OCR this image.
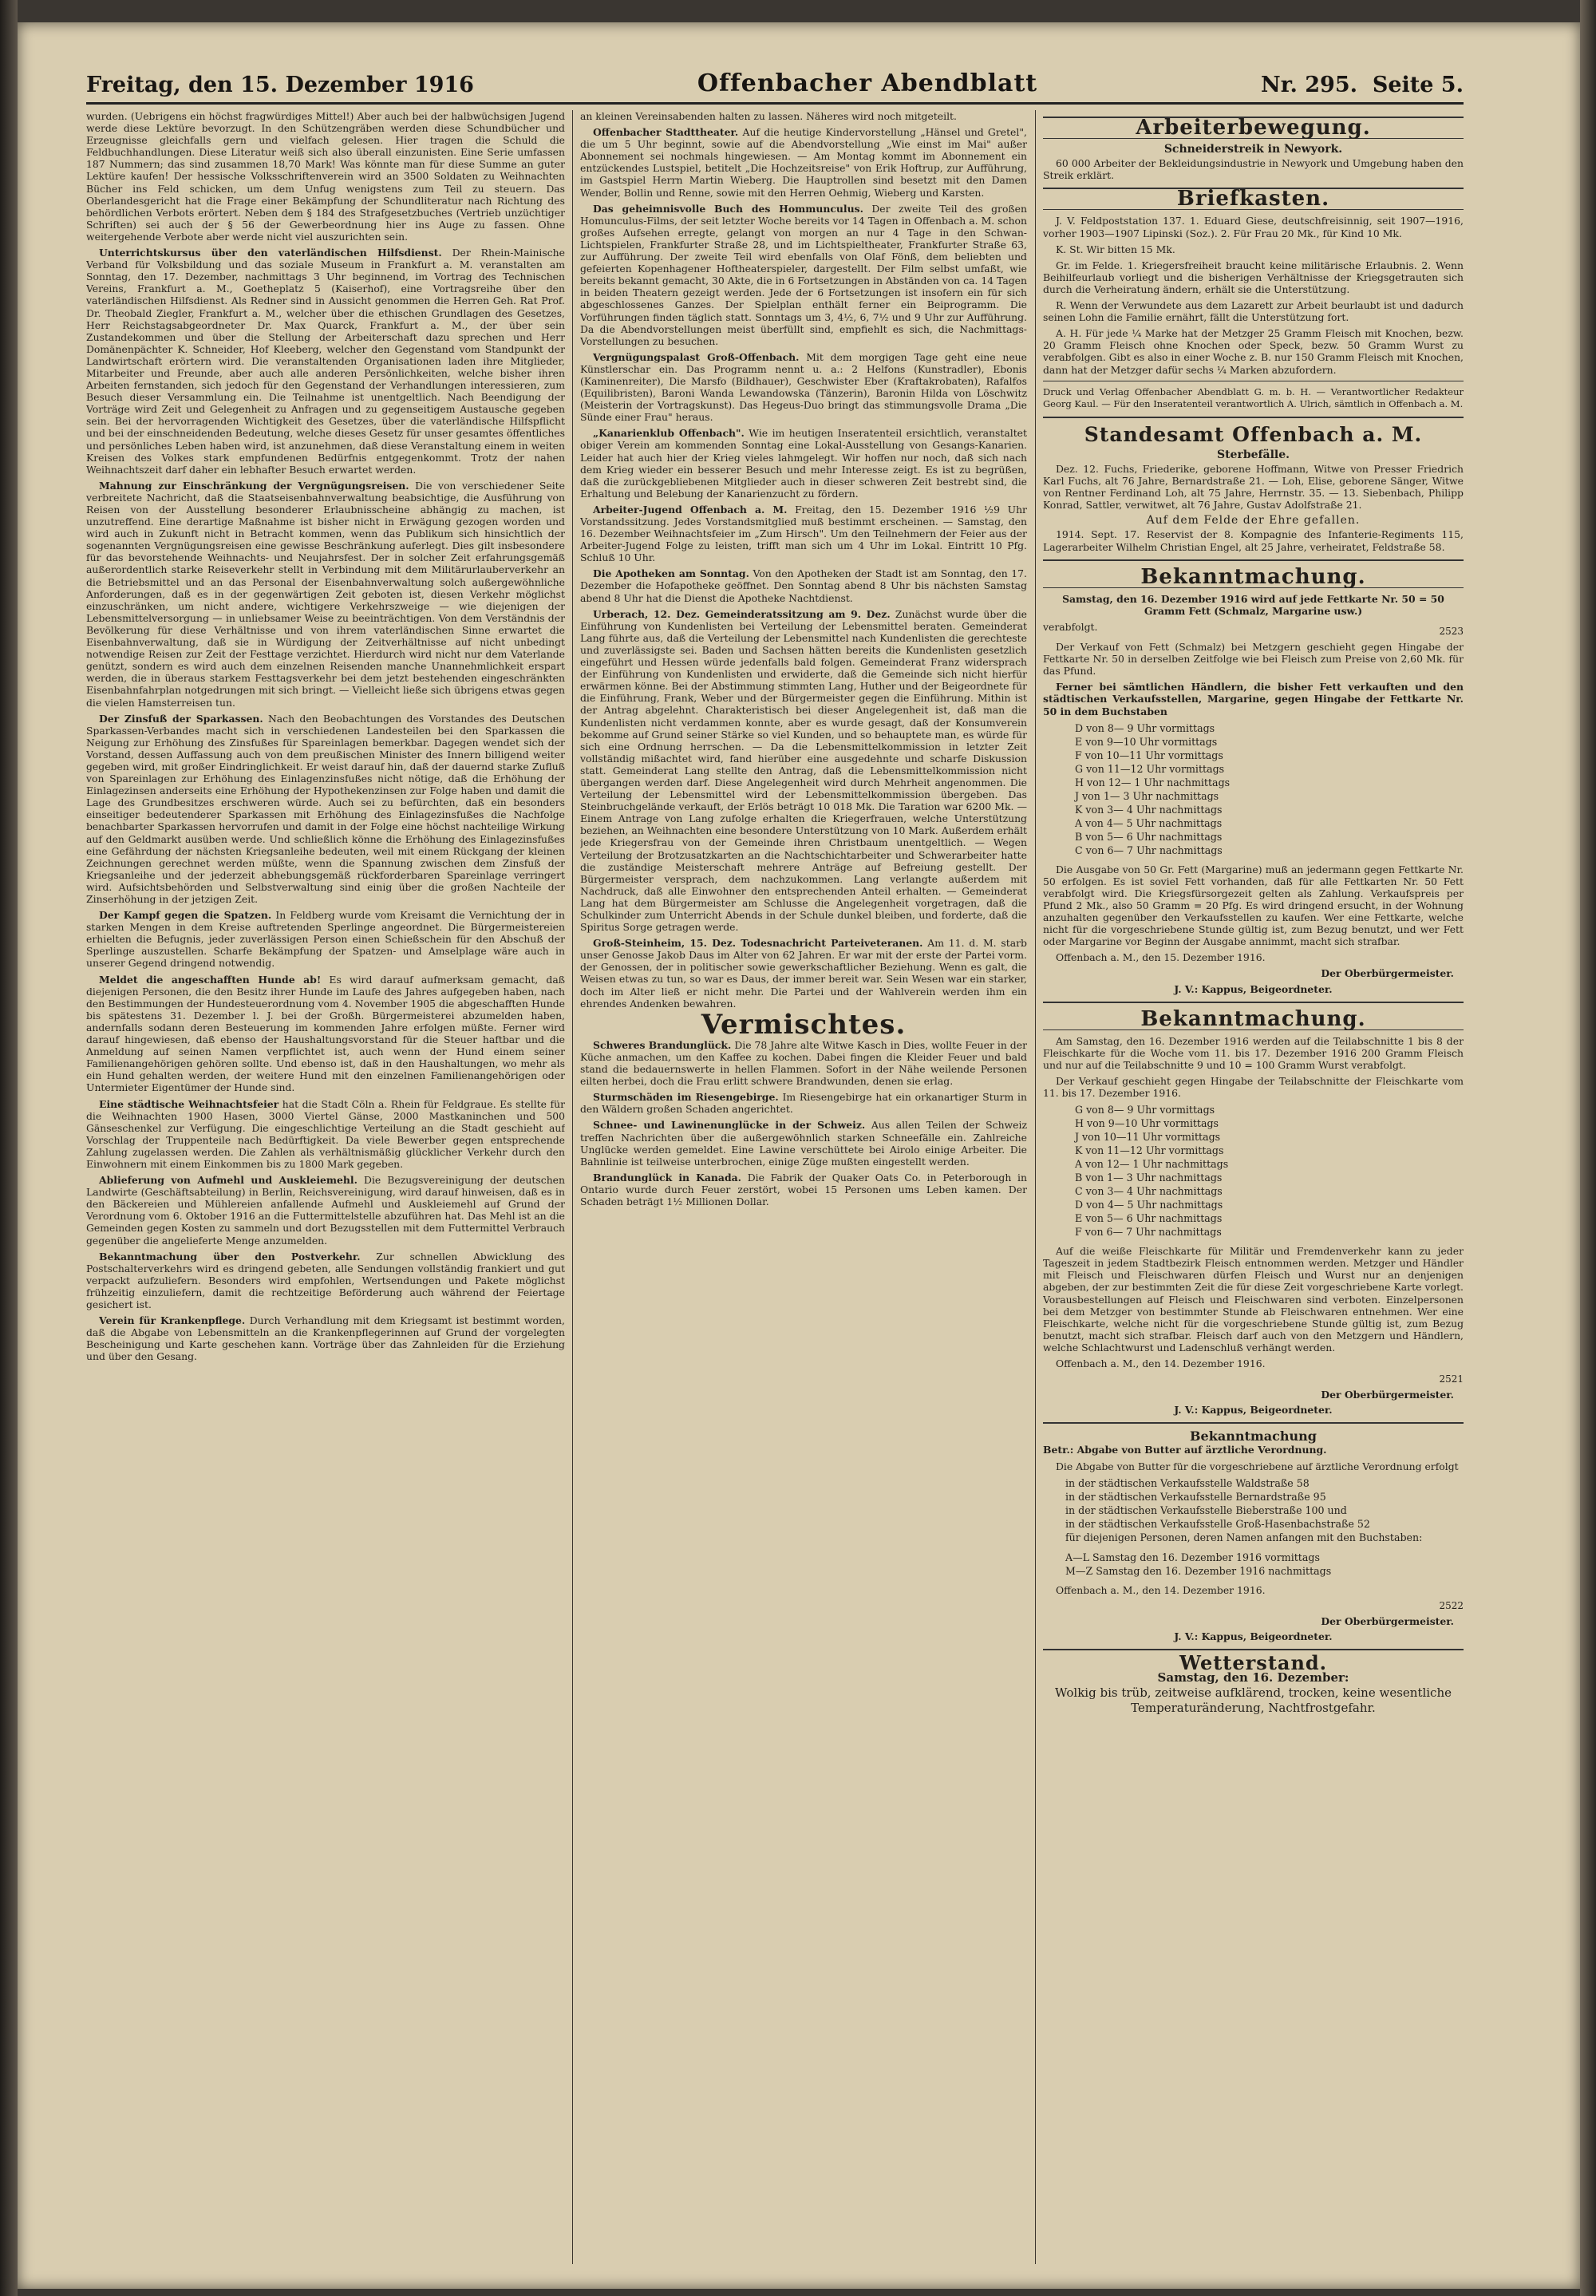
Freitag, den 15. Dezember 1916	Offenbacher Abendblatt	Nr. 295. Seite 5.

wurden. (Uebrigens ein höchst fragwürdiges Mittel!) Aber auch bei der halbwüchsigen Jugend werde diese Lektüre bevorzugt. In den Schützengräben werden diese Schundbücher und Erzeugnisse gleichfalls gern und vielfach gelesen. Hier tragen die Schuld die Feldbuchhandlungen. Diese Literatur weiß sich also überall einzunisten. Eine Serie umfassen 187 Nummern; das sind zusammen 18,70 Mark! Was könnte man für diese Summe an guter Lektüre kaufen! Der hessische Volksschriftenverein wird an 3500 Soldaten zu Weihnachten Bücher ins Feld schicken, um dem Unfug wenigstens zum Teil zu steuern. Das Oberlandesgericht hat die Frage einer Bekämpfung der Schundliteratur nach Richtung des behördlichen Verbots erörtert. Neben dem § 184 des Strafgesetzbuches (Vertrieb unzüchtiger Schriften) sei auch der § 56 der Gewerbeordnung hier ins Auge zu fassen. Ohne weitergehende Verbote aber werde nicht viel auszurichten sein.

Unterrichtskursus über den vaterländischen Hilfsdienst. Der Rhein-Mainische Verband für Volksbildung und das soziale Museum in Frankfurt a. M. veranstalten am Sonntag, den 17. Dezember, nachmittags 3 Uhr beginnend, im Vortrag des Technischen Vereins, Frankfurt a. M., Goetheplatz 5 (Kaiserhof), eine Vortragsreihe über den vaterländischen Hilfsdienst. Als Redner sind in Aussicht genommen die Herren Geh. Rat Prof. Dr. Theobald Ziegler, Frankfurt a. M., welcher über die ethischen Grundlagen des Gesetzes, Herr Reichstagsabgeordneter Dr. Max Quarck, Frankfurt a. M., der über sein Zustandekommen und über die Stellung der Arbeiterschaft dazu sprechen und Herr Domänenpächter K. Schneider, Hof Kleeberg, welcher den Gegenstand vom Standpunkt der Landwirtschaft erörtern wird. Die veranstaltenden Organisationen laden ihre Mitglieder, Mitarbeiter und Freunde, aber auch alle anderen Persönlichkeiten, welche bisher ihren Arbeiten fernstanden, sich jedoch für den Gegenstand der Verhandlungen interessieren, zum Besuch dieser Versammlung ein. Die Teilnahme ist unentgeltlich. Nach Beendigung der Vorträge wird Zeit und Gelegenheit zu Anfragen und zu gegenseitigem Austausche gegeben sein. Bei der hervorragenden Wichtigkeit des Gesetzes, über die vaterländische Hilfspflicht und bei der einschneidenden Bedeutung, welche dieses Gesetz für unser gesamtes öffentliches und persönliches Leben haben wird, ist anzunehmen, daß diese Veranstaltung einem in weiten Kreisen des Volkes stark empfundenen Bedürfnis entgegenkommt. Trotz der nahen Weihnachtszeit darf daher ein lebhafter Besuch erwartet werden.

Mahnung zur Einschränkung der Vergnügungsreisen. Die von verschiedener Seite verbreitete Nachricht, daß die Staatseisenbahnverwaltung beabsichtige, die Ausführung von Reisen von der Ausstellung besonderer Erlaubnisscheine abhängig zu machen, ist unzutreffend. Eine derartige Maßnahme ist bisher nicht in Erwägung gezogen worden und wird auch in Zukunft nicht in Betracht kommen, wenn das Publikum sich hinsichtlich der sogenannten Vergnügungsreisen eine gewisse Beschränkung auferlegt. Dies gilt insbesondere für das bevorstehende Weihnachts- und Neujahrsfest. Der in solcher Zeit erfahrungsgemäß außerordentlich starke Reiseverkehr stellt in Verbindung mit dem Militärurlauberverkehr an die Betriebsmittel und an das Personal der Eisenbahnverwaltung solch außergewöhnliche Anforderungen, daß es in der gegenwärtigen Zeit geboten ist, diesen Verkehr möglichst einzuschränken, um nicht andere, wichtigere Verkehrszweige — wie diejenigen der Lebensmittelversorgung — in unliebsamer Weise zu beeinträchtigen. Von dem Verständnis der Bevölkerung für diese Verhältnisse und von ihrem vaterländischen Sinne erwartet die Eisenbahnverwaltung, daß sie in Würdigung der Zeitverhältnisse auf nicht unbedingt notwendige Reisen zur Zeit der Festtage verzichtet. Hierdurch wird nicht nur dem Vaterlande genützt, sondern es wird auch dem einzelnen Reisenden manche Unannehmlichkeit erspart werden, die in überaus starkem Festtagsverkehr bei dem jetzt bestehenden eingeschränkten Eisenbahnfahrplan notgedrungen mit sich bringt. — Vielleicht ließe sich übrigens etwas gegen die vielen Hamsterreisen tun.

Der Zinsfuß der Sparkassen. Nach den Beobachtungen des Vorstandes des Deutschen Sparkassen-Verbandes macht sich in verschiedenen Landesteilen bei den Sparkassen die Neigung zur Erhöhung des Zinsfußes für Spareinlagen bemerkbar. Dagegen wendet sich der Vorstand, dessen Auffassung auch von dem preußischen Minister des Innern billigend weiter gegeben wird, mit großer Eindringlichkeit. Er weist darauf hin, daß der dauernd starke Zufluß von Spareinlagen zur Erhöhung des Einlagenzinsfußes nicht nötige, daß die Erhöhung der Einlagezinsen anderseits eine Erhöhung der Hypothekenzinsen zur Folge haben und damit die Lage des Grundbesitzes erschweren würde. Auch sei zu befürchten, daß ein besonders einseitiger bedeutenderer Sparkassen mit Erhöhung des Einlagezinsfußes die Nachfolge benachbarter Sparkassen hervorrufen und damit in der Folge eine höchst nachteilige Wirkung auf den Geldmarkt ausüben werde. Und schließlich könne die Erhöhung des Einlagezinsfußes eine Gefährdung der nächsten Kriegsanleihe bedeuten, weil mit einem Rückgang der kleinen Zeichnungen gerechnet werden müßte, wenn die Spannung zwischen dem Zinsfuß der Kriegsanleihe und der jederzeit abhebungsgemäß rückforderbaren Spareinlage verringert wird. Aufsichtsbehörden und Selbstverwaltung sind einig über die großen Nachteile der Zinserhöhung in der jetzigen Zeit.

Der Kampf gegen die Spatzen. In Feldberg wurde vom Kreisamt die Vernichtung der in starken Mengen in dem Kreise auftretenden Sperlinge angeordnet. Die Bürgermeistereien erhielten die Befugnis, jeder zuverlässigen Person einen Schießschein für den Abschuß der Sperlinge auszustellen. Scharfe Bekämpfung der Spatzen- und Amselplage wäre auch in unserer Gegend dringend notwendig.

Meldet die angeschafften Hunde ab! Es wird darauf aufmerksam gemacht, daß diejenigen Personen, die den Besitz ihrer Hunde im Laufe des Jahres aufgegeben haben, nach den Bestimmungen der Hundesteuerordnung vom 4. November 1905 die abgeschafften Hunde bis spätestens 31. Dezember l. J. bei der Großh. Bürgermeisterei abzumelden haben, andernfalls sodann deren Besteuerung im kommenden Jahre erfolgen müßte. Ferner wird darauf hingewiesen, daß ebenso der Haushaltungsvorstand für die Steuer haftbar und die Anmeldung auf seinen Namen verpflichtet ist, auch wenn der Hund einem seiner Familienangehörigen gehören sollte. Und ebenso ist, daß in den Haushaltungen, wo mehr als ein Hund gehalten werden, der weitere Hund mit den einzelnen Familienangehörigen oder Untermieter Eigentümer der Hunde sind.

Eine städtische Weihnachtsfeier hat die Stadt Cöln a. Rhein für Feldgraue. Es stellte für die Weihnachten 1900 Hasen, 3000 Viertel Gänse, 2000 Mastkaninchen und 500 Gänseschenkel zur Verfügung. Die eingeschlichtige Verteilung an die Stadt geschieht auf Vorschlag der Truppenteile nach Bedürftigkeit. Da viele Bewerber gegen entsprechende Zahlung zugelassen werden. Die Zahlen als verhältnismäßig glücklicher Verkehr durch den Einwohnern mit einem Einkommen bis zu 1800 Mark gegeben.

Ablieferung von Aufmehl und Auskleiemehl. Die Bezugsvereinigung der deutschen Landwirte (Geschäftsabteilung) in Berlin, Reichsvereinigung, wird darauf hinweisen, daß es in den Bäckereien und Mühlereien anfallende Aufmehl und Auskleiemehl auf Grund der Verordnung vom 6. Oktober 1916 an die Futtermittelstelle abzuführen hat. Das Mehl ist an die Gemeinden gegen Kosten zu sammeln und dort Bezugsstellen mit dem Futtermittel Verbrauch gegenüber die angelieferte Menge anzumelden.

Bekanntmachung über den Postverkehr. Zur schnellen Abwicklung des Postschalterverkehrs wird es dringend gebeten, alle Sendungen vollständig frankiert und gut verpackt aufzuliefern. Besonders wird empfohlen, Wertsendungen und Pakete möglichst frühzeitig einzuliefern, damit die rechtzeitige Beförderung auch während der Feiertage gesichert ist.

Verein für Krankenpflege. Durch Verhandlung mit dem Kriegsamt ist bestimmt worden, daß die Abgabe von Lebensmitteln an die Krankenpflegerinnen auf Grund der vorgelegten Bescheinigung und Karte geschehen kann. Vorträge über das Zahnleiden für die Erziehung und über den Gesang.

an kleinen Vereinsabenden halten zu lassen. Näheres wird noch mitgeteilt.

Offenbacher Stadttheater. Auf die heutige Kindervorstellung „Hänsel und Gretel", die um 5 Uhr beginnt, sowie auf die Abendvorstellung „Wie einst im Mai" außer Abonnement sei nochmals hingewiesen. — Am Montag kommt im Abonnement ein entzückendes Lustspiel, betitelt „Die Hochzeitsreise" von Erik Hoftrup, zur Aufführung, im Gastspiel Herrn Martin Wieberg. Die Hauptrollen sind besetzt mit den Damen Wender, Bollin und Renne, sowie mit den Herren Oehmig, Wieberg und Karsten.

Das geheimnisvolle Buch des Hommunculus. Der zweite Teil des großen Homunculus-Films, der seit letzter Woche bereits vor 14 Tagen in Offenbach a. M. schon großes Aufsehen erregte, gelangt von morgen an nur 4 Tage in den Schwan-Lichtspielen, Frankfurter Straße 28, und im Lichtspieltheater, Frankfurter Straße 63, zur Aufführung. Der zweite Teil wird ebenfalls von Olaf Fönß, dem beliebten und gefeierten Kopenhagener Hoftheaterspieler, dargestellt. Der Film selbst umfaßt, wie bereits bekannt gemacht, 30 Akte, die in 6 Fortsetzungen in Abständen von ca. 14 Tagen in beiden Theatern gezeigt werden. Jede der 6 Fortsetzungen ist insofern ein für sich abgeschlossenes Ganzes. Der Spielplan enthält ferner ein Beiprogramm. Die Vorführungen finden täglich statt. Sonntags um 3, 4½, 6, 7½ und 9 Uhr zur Aufführung. Da die Abendvorstellungen meist überfüllt sind, empfiehlt es sich, die Nachmittags-Vorstellungen zu besuchen.

Vergnügungspalast Groß-Offenbach. Mit dem morgigen Tage geht eine neue Künstlerschar ein. Das Programm nennt u. a.: 2 Helfons (Kunstradler), Ebonis (Kaminenreiter), Die Marsfo (Bildhauer), Geschwister Eber (Kraftakrobaten), Rafalfos (Equilibristen), Baroni Wanda Lewandowska (Tänzerin), Baronin Hilda von Löschwitz (Meisterin der Vortragskunst). Das Hegeus-Duo bringt das stimmungsvolle Drama „Die Sünde einer Frau" heraus.

„Kanarienklub Offenbach". Wie im heutigen Inseratenteil ersichtlich, veranstaltet obiger Verein am kommenden Sonntag eine Lokal-Ausstellung von Gesangs-Kanarien. Leider hat auch hier der Krieg vieles lahmgelegt. Wir hoffen nur noch, daß sich nach dem Krieg wieder ein besserer Besuch und mehr Interesse zeigt. Es ist zu begrüßen, daß die zurückgebliebenen Mitglieder auch in dieser schweren Zeit bestrebt sind, die Erhaltung und Belebung der Kanarienzucht zu fördern.

Arbeiter-Jugend Offenbach a. M. Freitag, den 15. Dezember 1916 ½9 Uhr Vorstandssitzung. Jedes Vorstandsmitglied muß bestimmt erscheinen. — Samstag, den 16. Dezember Weihnachtsfeier im „Zum Hirsch". Um den Teilnehmern der Feier aus der Arbeiter-Jugend Folge zu leisten, trifft man sich um 4 Uhr im Lokal. Eintritt 10 Pfg. Schluß 10 Uhr.

Die Apotheken am Sonntag. Von den Apotheken der Stadt ist am Sonntag, den 17. Dezember die Hofapotheke geöffnet. Den Sonntag abend 8 Uhr bis nächsten Samstag abend 8 Uhr hat die Dienst die Apotheke Nachtdienst.

Urberach, 12. Dez. Gemeinderatssitzung am 9. Dez. Zunächst wurde über die Einführung von Kundenlisten bei Verteilung der Lebensmittel beraten. Gemeinderat Lang führte aus, daß die Verteilung der Lebensmittel nach Kundenlisten die gerechteste und zuverlässigste sei. Baden und Sachsen hätten bereits die Kundenlisten gesetzlich eingeführt und Hessen würde jedenfalls bald folgen. Gemeinderat Franz widersprach der Einführung von Kundenlisten und erwiderte, daß die Gemeinde sich nicht hierfür erwärmen könne. Bei der Abstimmung stimmten Lang, Huther und der Beigeordnete für die Einführung, Frank, Weber und der Bürgermeister gegen die Einführung. Mithin ist der Antrag abgelehnt. Charakteristisch bei dieser Angelegenheit ist, daß man die Kundenlisten nicht verdammen konnte, aber es wurde gesagt, daß der Konsumverein bekomme auf Grund seiner Stärke so viel Kunden, und so behauptete man, es würde für sich eine Ordnung herrschen. — Da die Lebensmittelkommission in letzter Zeit vollständig mißachtet wird, fand hierüber eine ausgedehnte und scharfe Diskussion statt. Gemeinderat Lang stellte den Antrag, daß die Lebensmittelkommission nicht übergangen werden darf. Diese Angelegenheit wird durch Mehrheit angenommen. Die Verteilung der Lebensmittel wird der Lebensmittelkommission übergeben. Das Steinbruchgelände verkauft, der Erlös beträgt 10 018 Mk. Die Taration war 6200 Mk. — Einem Antrage von Lang zufolge erhalten die Kriegerfrauen, welche Unterstützung beziehen, an Weihnachten eine besondere Unterstützung von 10 Mark. Außerdem erhält jede Kriegersfrau von der Gemeinde ihren Christbaum unentgeltlich. — Wegen Verteilung der Brotzusatzkarten an die Nachtschichtarbeiter und Schwerarbeiter hatte die zuständige Meisterschaft mehrere Anträge auf Befreiung gestellt. Der Bürgermeister versprach, dem nachzukommen. Lang verlangte außerdem mit Nachdruck, daß alle Einwohner den entsprechenden Anteil erhalten. — Gemeinderat Lang hat dem Bürgermeister am Schlusse die Angelegenheit vorgetragen, daß die Schulkinder zum Unterricht Abends in der Schule dunkel bleiben, und forderte, daß die Spiritus Sorge getragen werde.

Groß-Steinheim, 15. Dez. Todesnachricht Parteiveteranen. Am 11. d. M. starb unser Genosse Jakob Daus im Alter von 62 Jahren. Er war mit der erste der Partei vorm. der Genossen, der in politischer sowie gewerkschaftlicher Beziehung. Wenn es galt, die Weisen etwas zu tun, so war es Daus, der immer bereit war. Sein Wesen war ein starker, doch im Alter ließ er nicht mehr. Die Partei und der Wahlverein werden ihm ein ehrendes Andenken bewahren.

Vermischtes.

Schweres Brandunglück. Die 78 Jahre alte Witwe Kasch in Dies, wollte Feuer in der Küche anmachen, um den Kaffee zu kochen. Dabei fingen die Kleider Feuer und bald stand die bedauernswerte in hellen Flammen. Sofort in der Nähe weilende Personen eilten herbei, doch die Frau erlitt schwere Brandwunden, denen sie erlag.

Sturmschäden im Riesengebirge. Im Riesengebirge hat ein orkanartiger Sturm in den Wäldern großen Schaden angerichtet.

Schnee- und Lawinenunglücke in der Schweiz. Aus allen Teilen der Schweiz treffen Nachrichten über die außergewöhnlich starken Schneefälle ein. Zahlreiche Unglücke werden gemeldet. Eine Lawine verschüttete bei Airolo einige Arbeiter. Die Bahnlinie ist teilweise unterbrochen, einige Züge mußten eingestellt werden.

Brandunglück in Kanada. Die Fabrik der Quaker Oats Co. in Peterborough in Ontario wurde durch Feuer zerstört, wobei 15 Personen ums Leben kamen. Der Schaden beträgt 1½ Millionen Dollar.

Arbeiterbewegung.
Schneiderstreik in Newyork.

60 000 Arbeiter der Bekleidungsindustrie in Newyork und Umgebung haben den Streik erklärt.

Briefkasten.

J. V. Feldpoststation 137. 1. Eduard Giese, deutschfreisinnig, seit 1907—1916, vorher 1903—1907 Lipinski (Soz.). 2. Für Frau 20 Mk., für Kind 10 Mk.

K. St. Wir bitten 15 Mk.

Gr. im Felde. 1. Kriegersfreiheit braucht keine militärische Erlaubnis. 2. Wenn Beihilfeurlaub vorliegt und die bisherigen Verhältnisse der Kriegsgetrauten sich durch die Verheiratung ändern, erhält sie die Unterstützung.

R. Wenn der Verwundete aus dem Lazarett zur Arbeit beurlaubt ist und dadurch seinen Lohn die Familie ernährt, fällt die Unterstützung fort.

A. H. Für jede ¼ Marke hat der Metzger 25 Gramm Fleisch mit Knochen, bezw. 20 Gramm Fleisch ohne Knochen oder Speck, bezw. 50 Gramm Wurst zu verabfolgen. Gibt es also in einer Woche z. B. nur 150 Gramm Fleisch mit Knochen, dann hat der Metzger dafür sechs ¼ Marken abzufordern.

Druck und Verlag Offenbacher Abendblatt G. m. b. H. — Verantwortlicher Redakteur Georg Kaul. — Für den Inseratenteil verantwortlich A. Ulrich, sämtlich in Offenbach a. M.

Standesamt Offenbach a. M.
Sterbefälle.

Dez. 12. Fuchs, Friederike, geborene Hoffmann, Witwe von Presser Friedrich Karl Fuchs, alt 76 Jahre, Bernardstraße 21. — Loh, Elise, geborene Sänger, Witwe von Rentner Ferdinand Loh, alt 75 Jahre, Herrnstr. 35. — 13. Siebenbach, Philipp Konrad, Sattler, verwitwet, alt 76 Jahre, Gustav Adolfstraße 21.

Auf dem Felde der Ehre gefallen.

1914. Sept. 17. Reservist der 8. Kompagnie des Infanterie-Regiments 115, Lagerarbeiter Wilhelm Christian Engel, alt 25 Jahre, verheiratet, Feldstraße 58.

Bekanntmachung.

Samstag, den 16. Dezember 1916 wird auf jede Fettkarte Nr. 50 = 50 Gramm Fett (Schmalz, Margarine usw.)

verabfolgt.	2523

Der Verkauf von Fett (Schmalz) bei Metzgern geschieht gegen Hingabe der Fettkarte Nr. 50 in derselben Zeitfolge wie bei Fleisch zum Preise von 2,60 Mk. für das Pfund.

Ferner bei sämtlichen Händlern, die bisher Fett verkauften und den städtischen Verkaufsstellen, Margarine, gegen Hingabe der Fettkarte Nr. 50 in dem Buchstaben

D von 8— 9 Uhr vormittags
E von 9—10 Uhr vormittags
F von 10—11 Uhr vormittags
G von 11—12 Uhr vormittags
H von 12— 1 Uhr nachmittags
J von 1— 3 Uhr nachmittags
K von 3— 4 Uhr nachmittags
A von 4— 5 Uhr nachmittags
B von 5— 6 Uhr nachmittags
C von 6— 7 Uhr nachmittags

Die Ausgabe von 50 Gr. Fett (Margarine) muß an jedermann gegen Fettkarte Nr. 50 erfolgen. Es ist soviel Fett vorhanden, daß für alle Fettkarten Nr. 50 Fett verabfolgt wird. Die Kriegsfürsorgezeit gelten als Zahlung. Verkaufspreis per Pfund 2 Mk., also 50 Gramm = 20 Pfg. Es wird dringend ersucht, in der Wohnung anzuhalten gegenüber den Verkaufsstellen zu kaufen. Wer eine Fettkarte, welche nicht für die vorgeschriebene Stunde gültig ist, zum Bezug benutzt, und wer Fett oder Margarine vor Beginn der Ausgabe annimmt, macht sich strafbar.

Offenbach a. M., den 15. Dezember 1916.

Der Oberbürgermeister.
J. V.: Kappus, Beigeordneter.
Bekanntmachung.

Am Samstag, den 16. Dezember 1916 werden auf die Teilabschnitte 1 bis 8 der Fleischkarte für die Woche vom 11. bis 17. Dezember 1916 200 Gramm Fleisch und nur auf die Teilabschnitte 9 und 10 = 100 Gramm Wurst verabfolgt.

Der Verkauf geschieht gegen Hingabe der Teilabschnitte der Fleischkarte vom 11. bis 17. Dezember 1916.

G von 8— 9 Uhr vormittags
H von 9—10 Uhr vormittags
J von 10—11 Uhr vormittags
K von 11—12 Uhr vormittags
A von 12— 1 Uhr nachmittags
B von 1— 3 Uhr nachmittags
C von 3— 4 Uhr nachmittags
D von 4— 5 Uhr nachmittags
E von 5— 6 Uhr nachmittags
F von 6— 7 Uhr nachmittags

Auf die weiße Fleischkarte für Militär und Fremdenverkehr kann zu jeder Tageszeit in jedem Stadtbezirk Fleisch entnommen werden. Metzger und Händler mit Fleisch und Fleischwaren dürfen Fleisch und Wurst nur an denjenigen abgeben, der zur bestimmten Zeit die für diese Zeit vorgeschriebene Karte vorlegt. Vorausbestellungen auf Fleisch und Fleischwaren sind verboten. Einzelpersonen bei dem Metzger von bestimmter Stunde ab Fleischwaren entnehmen. Wer eine Fleischkarte, welche nicht für die vorgeschriebene Stunde gültig ist, zum Bezug benutzt, macht sich strafbar. Fleisch darf auch von den Metzgern und Händlern, welche Schlachtwurst und Ladenschluß verhängt werden.

Offenbach a. M., den 14. Dezember 1916.

2521
Der Oberbürgermeister.
J. V.: Kappus, Beigeordneter.
Bekanntmachung

Betr.: Abgabe von Butter auf ärztliche Verordnung.

Die Abgabe von Butter für die vorgeschriebene auf ärztliche Verordnung erfolgt

in der städtischen Verkaufsstelle Waldstraße 58
in der städtischen Verkaufsstelle Bernardstraße 95
in der städtischen Verkaufsstelle Bieberstraße 100 und
in der städtischen Verkaufsstelle Groß-Hasenbachstraße 52
für diejenigen Personen, deren Namen anfangen mit den Buchstaben:
A—L Samstag den 16. Dezember 1916 vormittags
M—Z Samstag den 16. Dezember 1916 nachmittags

Offenbach a. M., den 14. Dezember 1916.

2522
Der Oberbürgermeister.
J. V.: Kappus, Beigeordneter.
Wetterstand.
Samstag, den 16. Dezember:
Wolkig bis trüb, zeitweise aufklärend, trocken, keine wesentliche Temperaturänderung, Nachtfrostgefahr.
